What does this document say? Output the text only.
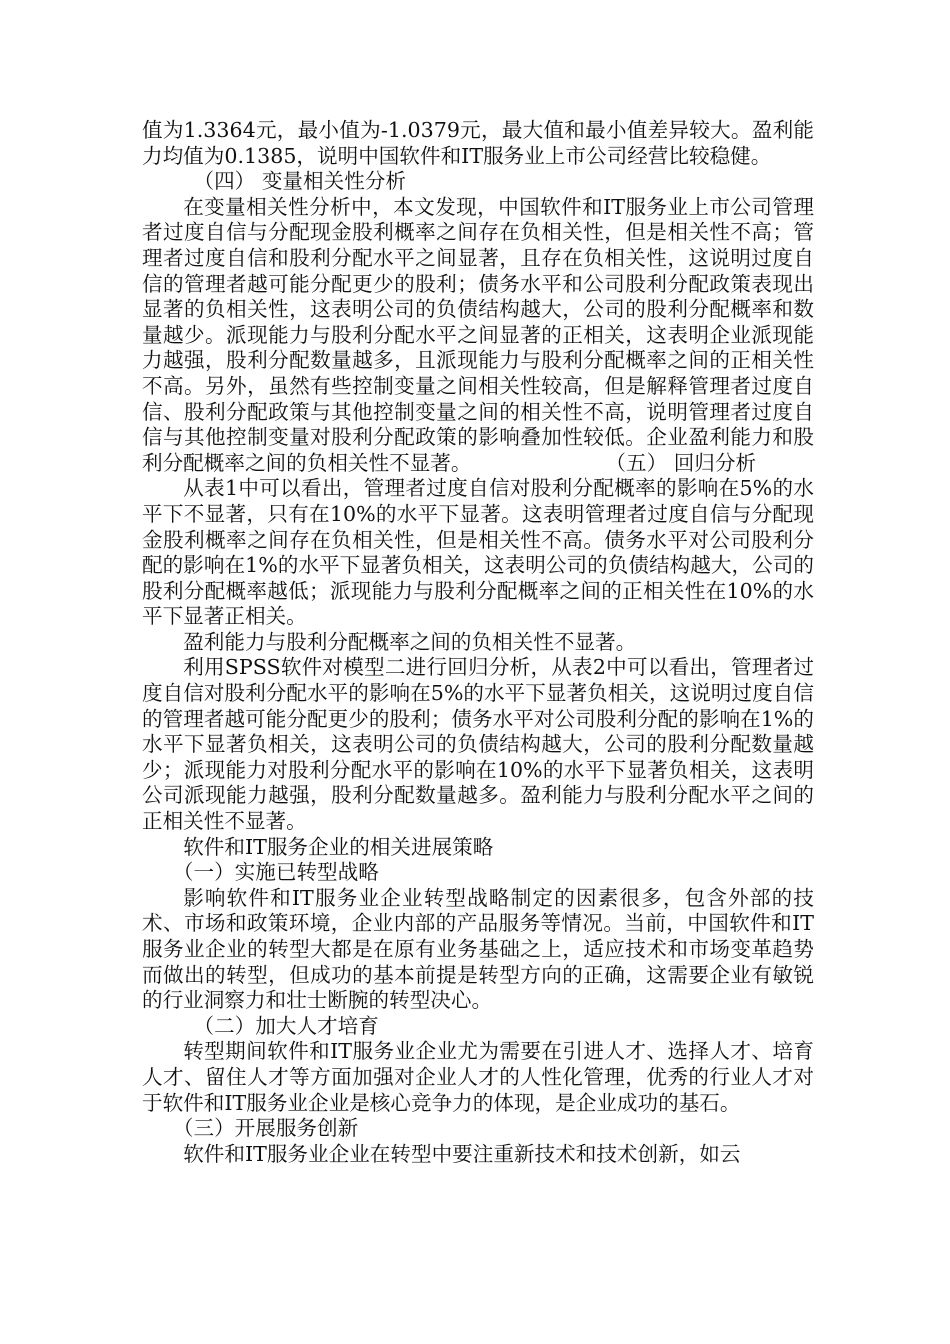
值为1.3364元，最小值为-1.0379元，最大值和最小值差异较大。盈利能力均值为0.1385，说明中国软件和IT服务业上市公司经营比较稳健。

（四） 变量相关性分析

在变量相关性分析中，本文发现，中国软件和IT服务业上市公司管理者过度自信与分配现金股利概率之间存在负相关性，但是相关性不高；管理者过度自信和股利分配水平之间显著，且存在负相关性，这说明过度自信的管理者越可能分配更少的股利；债务水平和公司股利分配政策表现出显著的负相关性，这表明公司的负债结构越大，公司的股利分配概率和数量越少。派现能力与股利分配水平之间显著的正相关，这表明企业派现能力越强，股利分配数量越多，且派现能力与股利分配概率之间的正相关性不高。另外，虽然有些控制变量之间相关性较高，但是解释管理者过度自信、股利分配政策与其他控制变量之间的相关性不高，说明管理者过度自信与其他控制变量对股利分配政策的影响叠加性较低。企业盈利能力和股利分配概率之间的负相关性不显著。	（五） 回归分析

从表1中可以看出，管理者过度自信对股利分配概率的影响在5%的水平下不显著，只有在10%的水平下显著。这表明管理者过度自信与分配现金股利概率之间存在负相关性，但是相关性不高。债务水平对公司股利分配的影响在1%的水平下显著负相关，这表明公司的负债结构越大，公司的股利分配概率越低；派现能力与股利分配概率之间的正相关性在10%的水平下显著正相关。

盈利能力与股利分配概率之间的负相关性不显著。

利用SPSS软件对模型二进行回归分析，从表2中可以看出，管理者过度自信对股利分配水平的影响在5%的水平下显著负相关，这说明过度自信的管理者越可能分配更少的股利；债务水平对公司股利分配的影响在1%的水平下显著负相关，这表明公司的负债结构越大，公司的股利分配数量越少；派现能力对股利分配水平的影响在10%的水平下显著负相关，这表明公司派现能力越强，股利分配数量越多。盈利能力与股利分配水平之间的正相关性不显著。

软件和IT服务企业的相关进展策略

（一）实施已转型战略

影响软件和IT服务业企业转型战略制定的因素很多，包含外部的技术、市场和政策环境，企业内部的产品服务等情况。当前，中国软件和IT服务业企业的转型大都是在原有业务基础之上，适应技术和市场变革趋势而做出的转型，但成功的基本前提是转型方向的正确，这需要企业有敏锐的行业洞察力和壮士断腕的转型决心。

（二）加大人才培育

转型期间软件和IT服务业企业尤为需要在引进人才、选择人才、培育人才、留住人才等方面加强对企业人才的人性化管理，优秀的行业人才对于软件和IT服务业企业是核心竞争力的体现，是企业成功的基石。

（三）开展服务创新

软件和IT服务业企业在转型中要注重新技术和技术创新，如云
